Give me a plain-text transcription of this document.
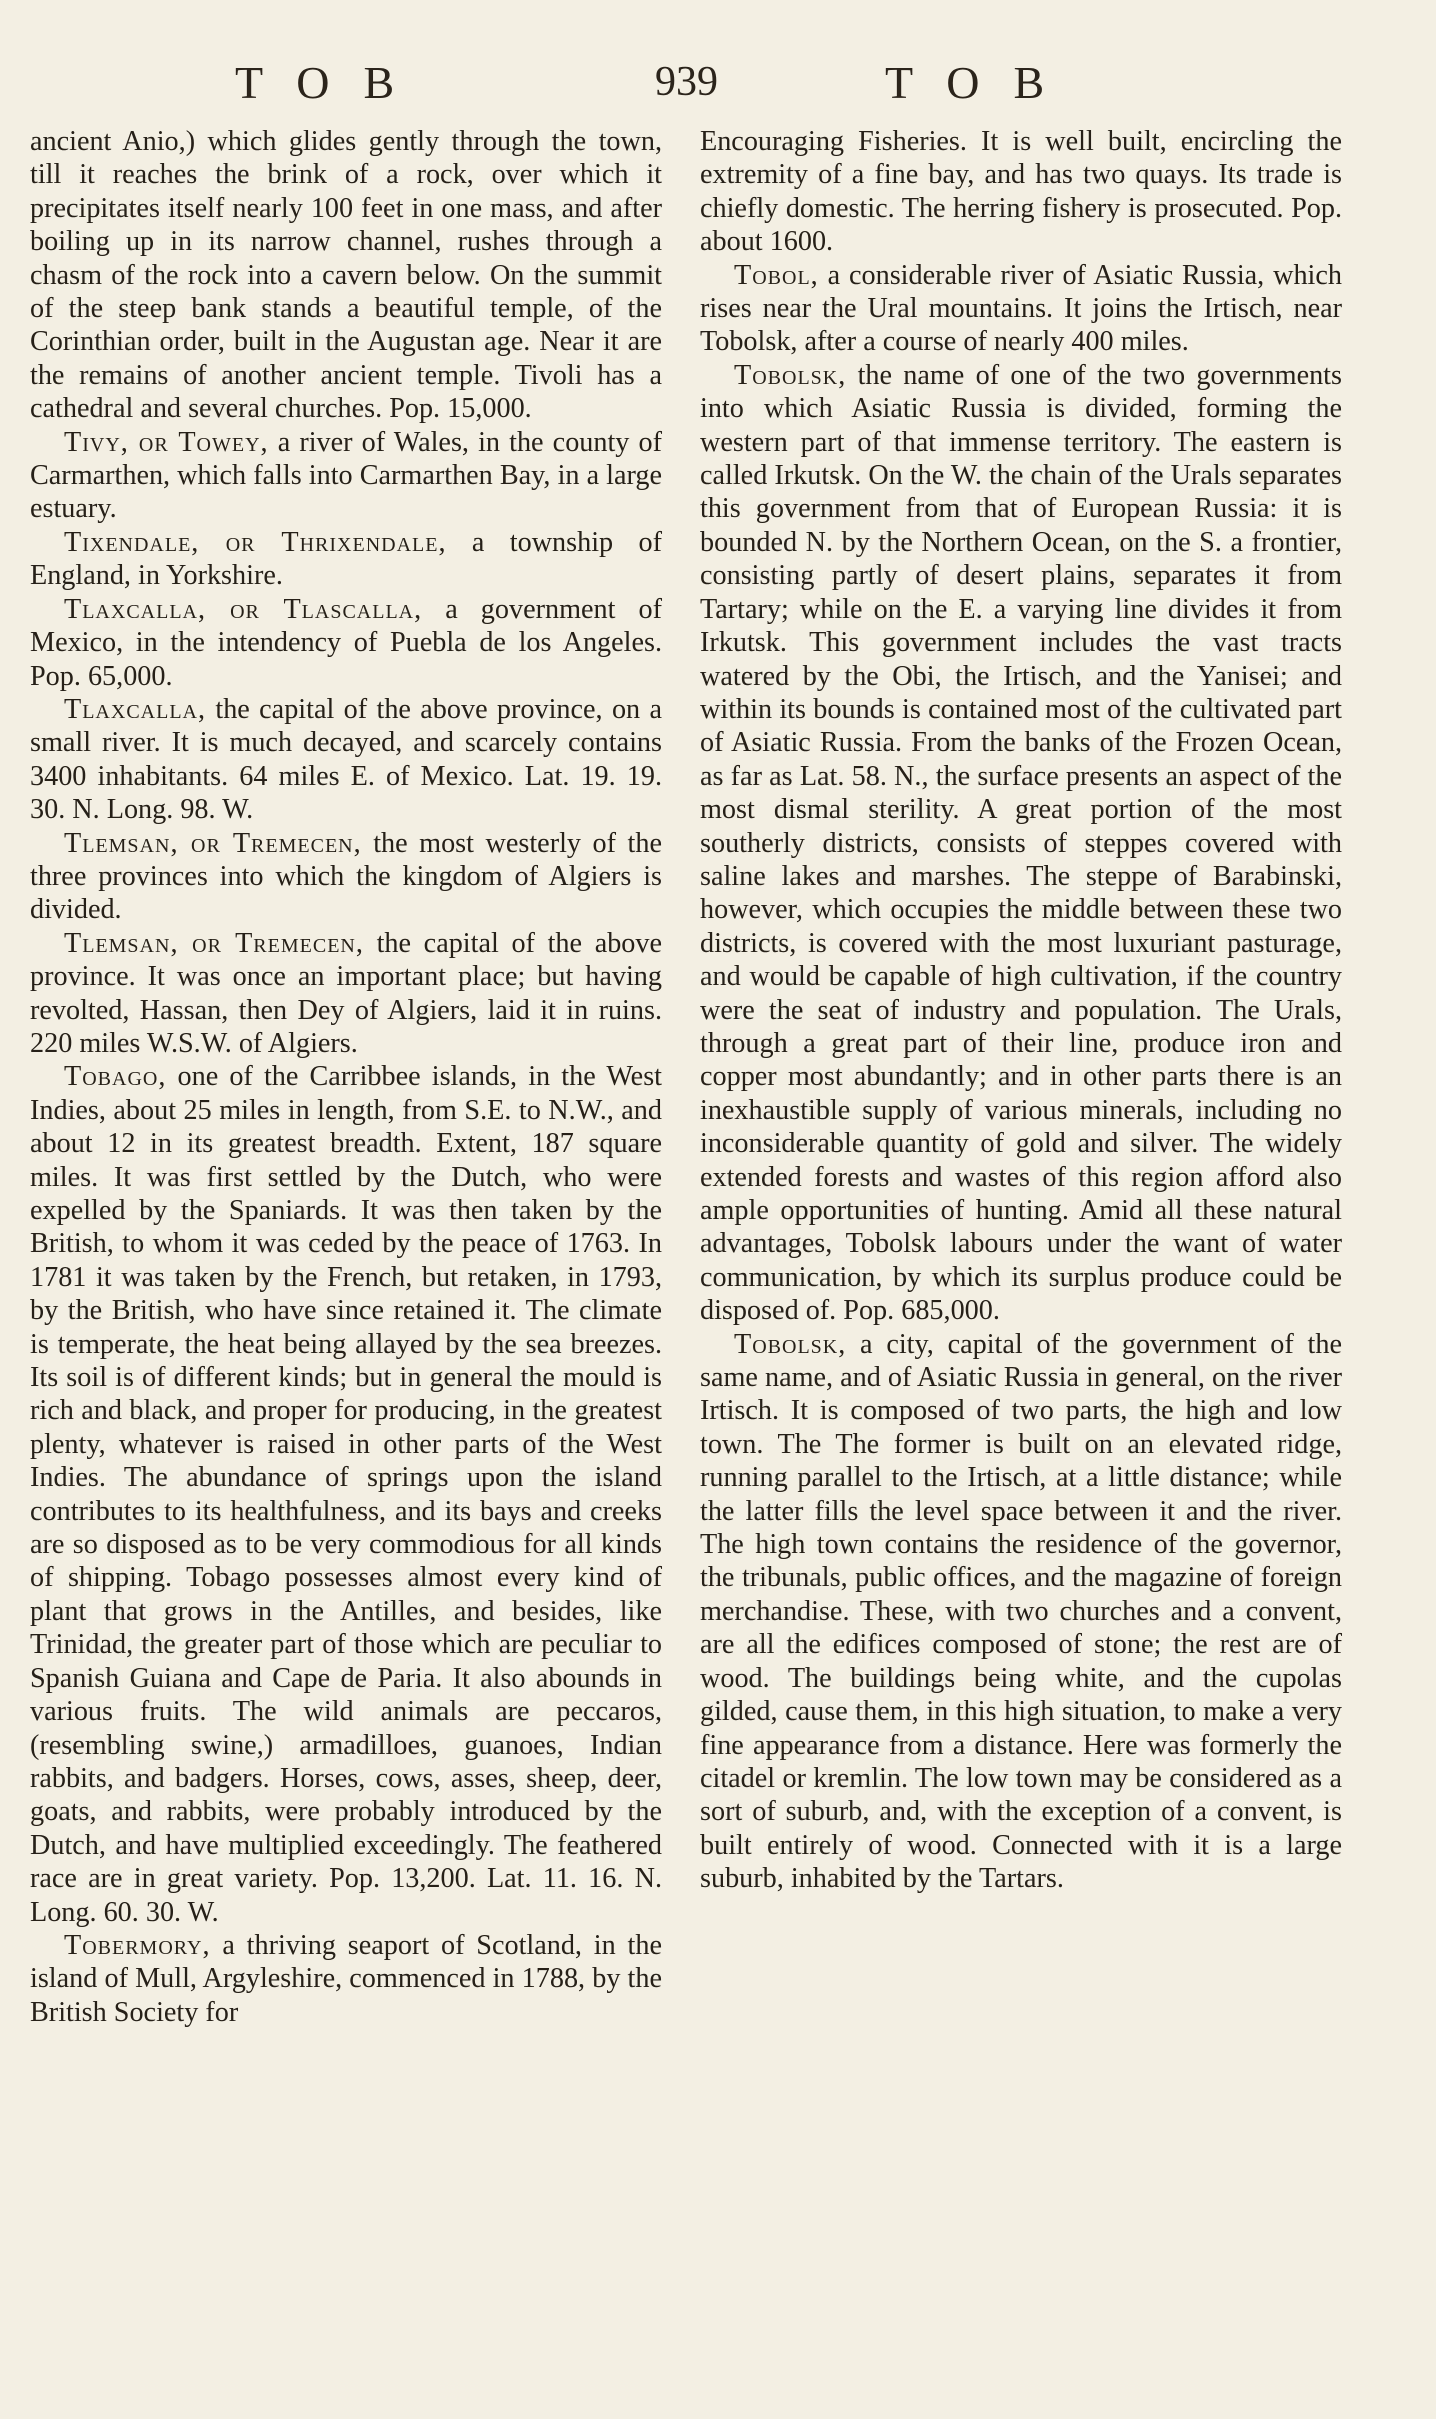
TOB	939	TOB

ancient Anio,) which glides gently through the town, till it reaches the brink of a rock, over which it precipitates itself nearly 100 feet in one mass, and after boiling up in its narrow channel, rushes through a chasm of the rock into a cavern below. On the summit of the steep bank stands a beautiful temple, of the Corinthian order, built in the Augustan age. Near it are the remains of another ancient temple. Tivoli has a cathedral and several churches. Pop. 15,000.

Tivy, or Towey, a river of Wales, in the county of Carmarthen, which falls into Carmarthen Bay, in a large estuary.

Tixendale, or Thrixendale, a township of England, in Yorkshire.

Tlaxcalla, or Tlascalla, a government of Mexico, in the intendency of Puebla de los Angeles. Pop. 65,000.

Tlaxcalla, the capital of the above province, on a small river. It is much decayed, and scarcely contains 3400 inhabitants. 64 miles E. of Mexico. Lat. 19. 19. 30. N. Long. 98. W.

Tlemsan, or Tremecen, the most westerly of the three provinces into which the kingdom of Algiers is divided.

Tlemsan, or Tremecen, the capital of the above province. It was once an important place; but having revolted, Hassan, then Dey of Algiers, laid it in ruins. 220 miles W.S.W. of Algiers.

Tobago, one of the Carribbee islands, in the West Indies, about 25 miles in length, from S.E. to N.W., and about 12 in its greatest breadth. Extent, 187 square miles. It was first settled by the Dutch, who were expelled by the Spaniards. It was then taken by the British, to whom it was ceded by the peace of 1763. In 1781 it was taken by the French, but retaken, in 1793, by the British, who have since retained it. The climate is temperate, the heat being allayed by the sea breezes. Its soil is of different kinds; but in general the mould is rich and black, and proper for producing, in the greatest plenty, whatever is raised in other parts of the West Indies. The abundance of springs upon the island contributes to its healthfulness, and its bays and creeks are so disposed as to be very commodious for all kinds of shipping. Tobago possesses almost every kind of plant that grows in the Antilles, and besides, like Trinidad, the greater part of those which are peculiar to Spanish Guiana and Cape de Paria. It also abounds in various fruits. The wild animals are peccaros, (resembling swine,) armadilloes, guanoes, Indian rabbits, and badgers. Horses, cows, asses, sheep, deer, goats, and rabbits, were probably introduced by the Dutch, and have multiplied exceedingly. The feathered race are in great variety. Pop. 13,200. Lat. 11. 16. N. Long. 60. 30. W.

Tobermory, a thriving seaport of Scotland, in the island of Mull, Argyleshire, commenced in 1788, by the British Society for

Encouraging Fisheries. It is well built, encircling the extremity of a fine bay, and has two quays. Its trade is chiefly domestic. The herring fishery is prosecuted. Pop. about 1600.

Tobol, a considerable river of Asiatic Russia, which rises near the Ural mountains. It joins the Irtisch, near Tobolsk, after a course of nearly 400 miles.

Tobolsk, the name of one of the two governments into which Asiatic Russia is divided, forming the western part of that immense territory. The eastern is called Irkutsk. On the W. the chain of the Urals separates this government from that of European Russia: it is bounded N. by the Northern Ocean, on the S. a frontier, consisting partly of desert plains, separates it from Tartary; while on the E. a varying line divides it from Irkutsk. This government includes the vast tracts watered by the Obi, the Irtisch, and the Yanisei; and within its bounds is contained most of the cultivated part of Asiatic Russia. From the banks of the Frozen Ocean, as far as Lat. 58. N., the surface presents an aspect of the most dismal sterility. A great portion of the most southerly districts, consists of steppes covered with saline lakes and marshes. The steppe of Barabinski, however, which occupies the middle between these two districts, is covered with the most luxuriant pasturage, and would be capable of high cultivation, if the country were the seat of industry and population. The Urals, through a great part of their line, produce iron and copper most abundantly; and in other parts there is an inexhaustible supply of various minerals, including no inconsiderable quantity of gold and silver. The widely extended forests and wastes of this region afford also ample opportunities of hunting. Amid all these natural advantages, Tobolsk labours under the want of water communication, by which its surplus produce could be disposed of. Pop. 685,000.

Tobolsk, a city, capital of the government of the same name, and of Asiatic Russia in general, on the river Irtisch. It is composed of two parts, the high and low town. The The former is built on an elevated ridge, running parallel to the Irtisch, at a little distance; while the latter fills the level space between it and the river. The high town contains the residence of the governor, the tribunals, public offices, and the magazine of foreign merchandise. These, with two churches and a convent, are all the edifices composed of stone; the rest are of wood. The buildings being white, and the cupolas gilded, cause them, in this high situation, to make a very fine appearance from a distance. Here was formerly the citadel or kremlin. The low town may be considered as a sort of suburb, and, with the exception of a convent, is built entirely of wood. Connected with it is a large suburb, inhabited by the Tartars.
